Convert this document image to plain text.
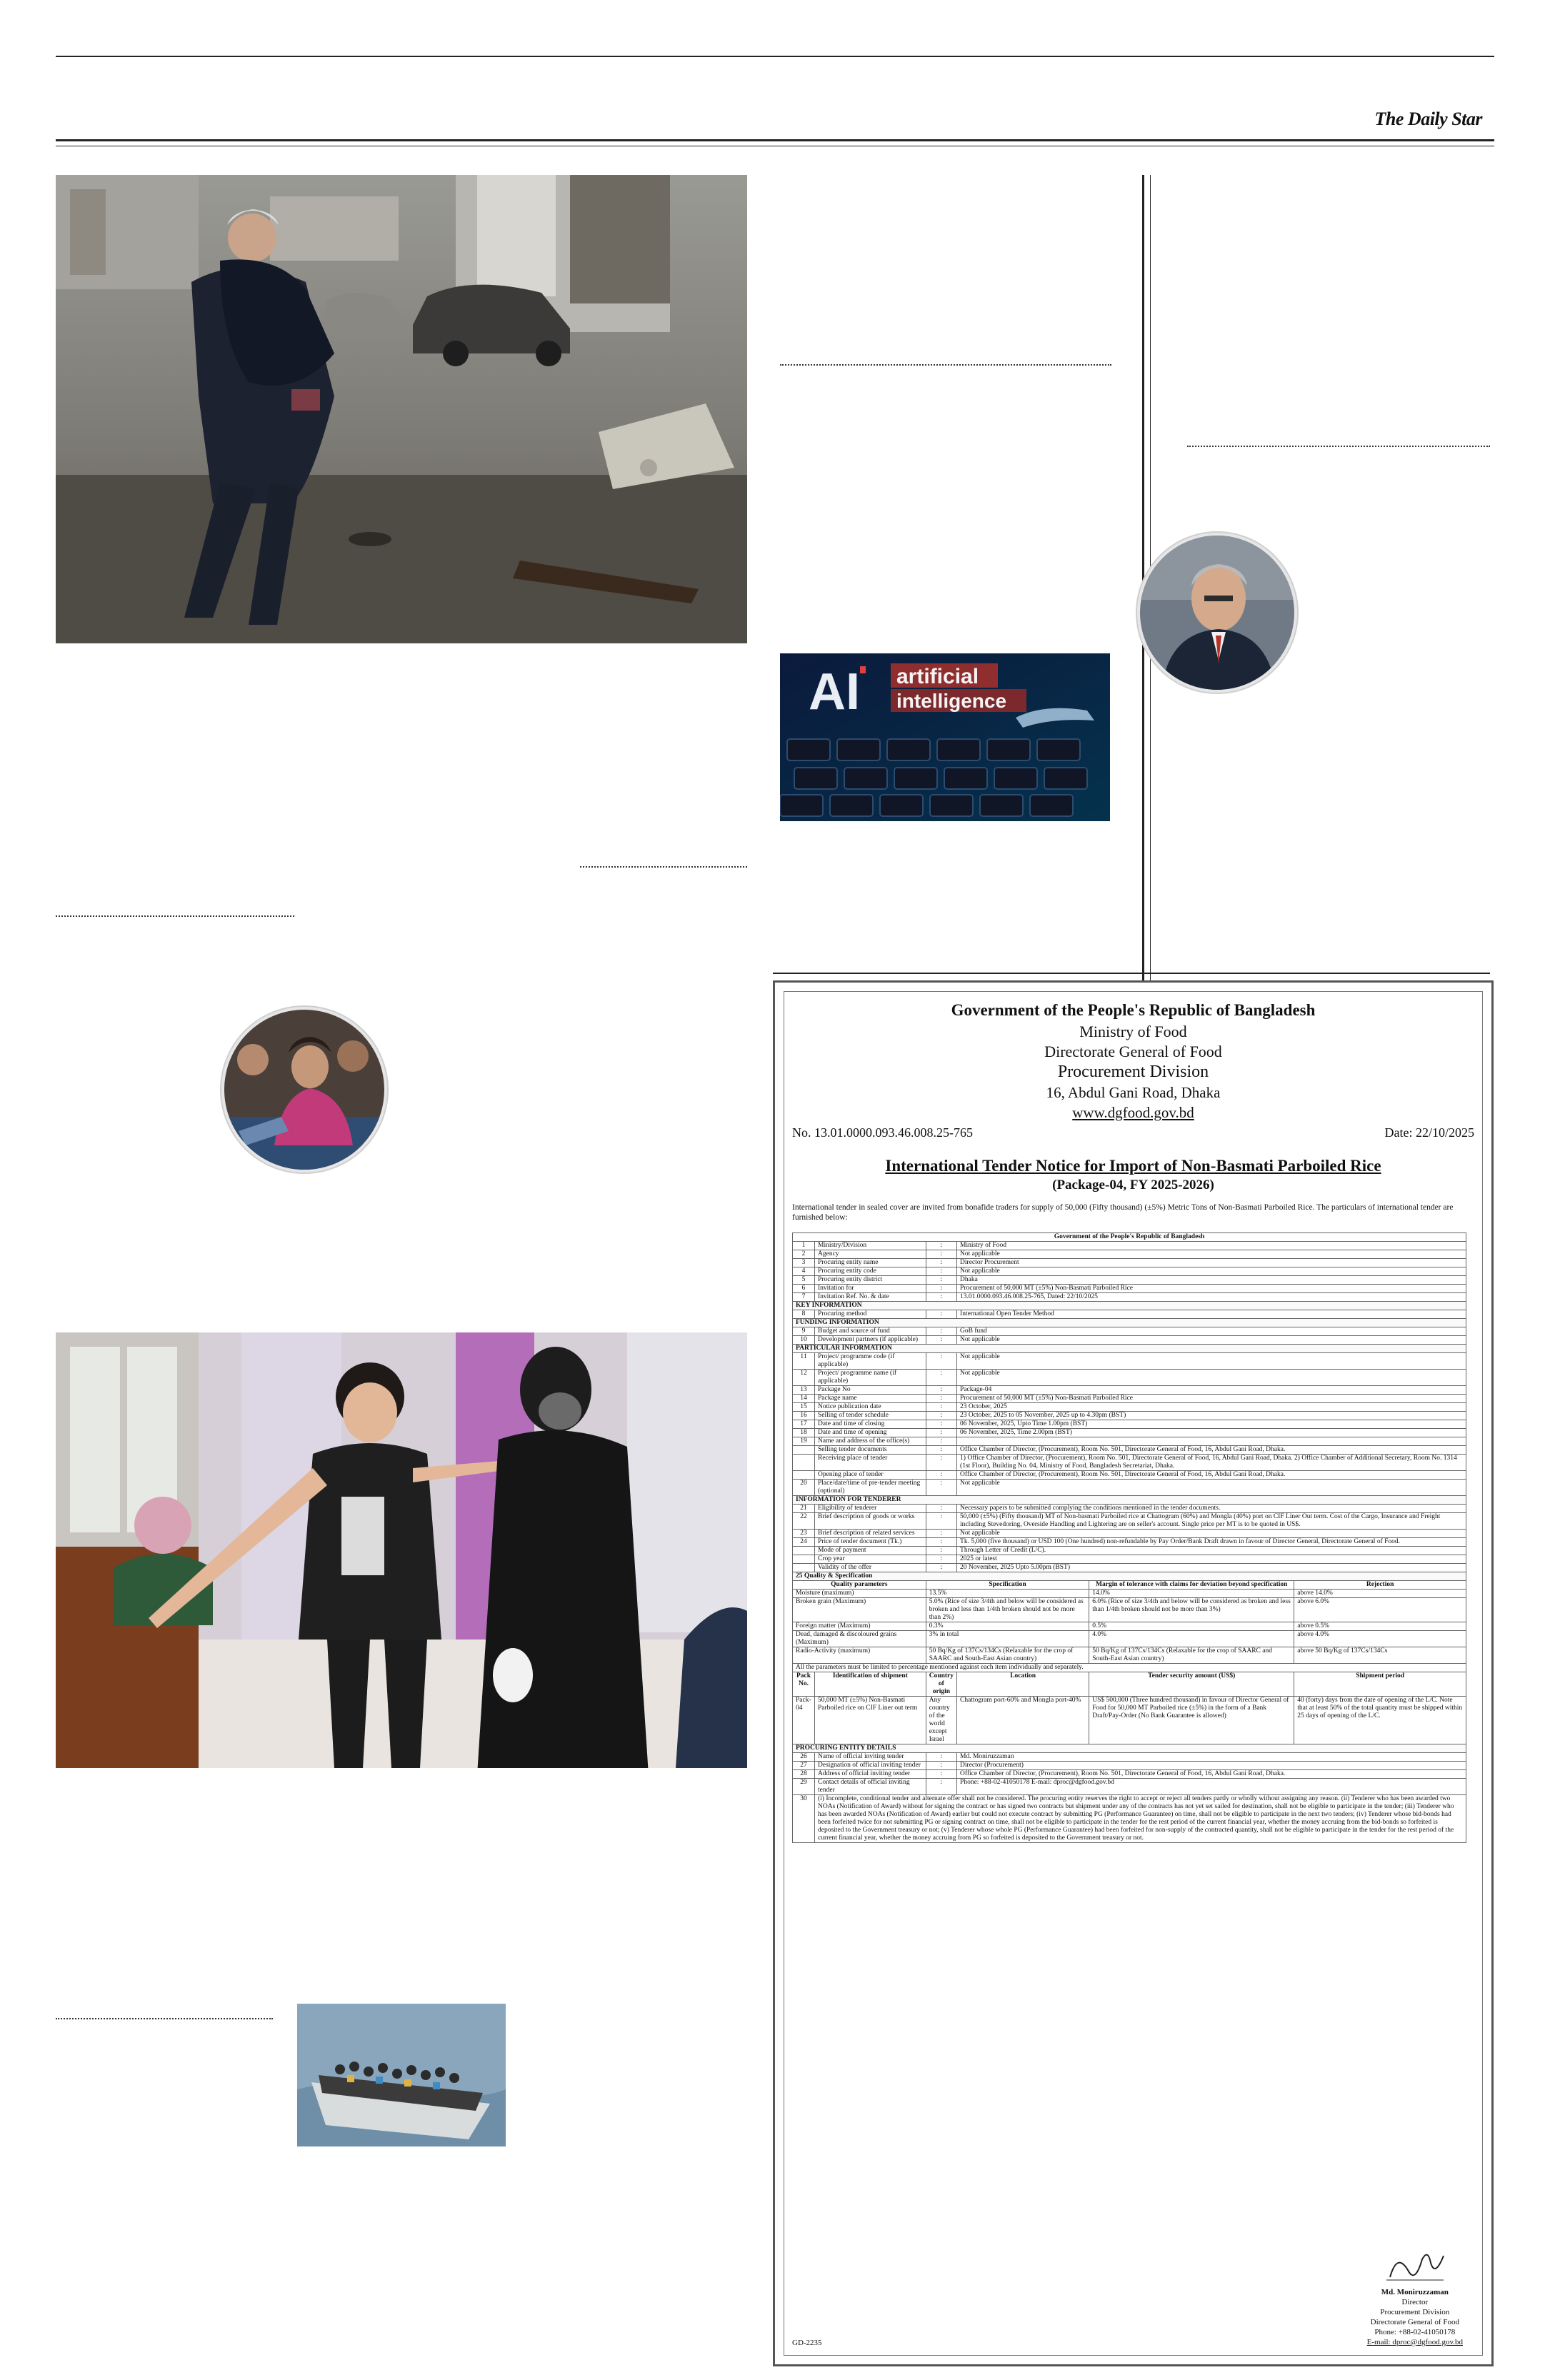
The Daily Star
AI artificial
intelligence
Government of the People's Republic of Bangladesh
Ministry of Food
Directorate General of Food
Procurement Division
16, Abdul Gani Road, Dhaka
www.dgfood.gov.bd
No. 13.01.0000.093.46.008.25-765	Date: 22/10/2025
International Tender Notice for Import of Non-Basmati Parboiled Rice
(Package-04, FY 2025-2026)
International tender in sealed cover are invited from bonafide traders for supply of 50,000 (Fifty thousand) (±5%) Metric Tons of Non-Basmati Parboiled Rice. The particulars of international tender are furnished below:
Government of the People's Republic of Bangladesh					
1	Ministry/Division	:	Ministry of Food		
2	Agency	:	Not applicable		
3	Procuring entity name	:	Director Procurement		
4	Procuring entity code	:	Not applicable		
5	Procuring entity district	:	Dhaka		
6	Invitation for	:	Procurement of 50,000 MT (±5%) Non-Basmati Parboiled Rice		
7	Invitation Ref. No. & date	:	13.01.0000.093.46.008.25-765, Dated: 22/10/2025		
KEY INFORMATION					
8	Procuring method	:	International Open Tender Method		
FUNDING INFORMATION					
9	Budget and source of fund	:	GoB fund		
10	Development partners (if applicable)	:	Not applicable		
PARTICULAR INFORMATION					
11	Project/ programme code (if applicable)	:	Not applicable		
12	Project/ programme name (if applicable)	:	Not applicable		
13	Package No	:	Package-04		
14	Package name	:	Procurement of 50,000 MT (±5%) Non-Basmati Parboiled Rice		
15	Notice publication date	:	23 October, 2025		
16	Selling of tender schedule	:	23 October, 2025 to 05 November, 2025 up to 4.30pm (BST)		
17	Date and time of closing	:	06 November, 2025, Upto Time 1.00pm (BST)		
18	Date and time of opening	:	06 November, 2025, Time 2.00pm (BST)		
19	Name and address of the office(s)	:			
	Selling tender documents	:	Office Chamber of Director, (Procurement), Room No. 501, Directorate General of Food, 16, Abdul Gani Road, Dhaka.		
	Receiving place of tender	:	1) Office Chamber of Director, (Procurement), Room No. 501, Directorate General of Food, 16, Abdul Gani Road, Dhaka. 2) Office Chamber of Additional Secretary, Room No. 1314 (1st Floor), Building No. 04, Ministry of Food, Bangladesh Secretariat, Dhaka.		
	Opening place of tender	:	Office Chamber of Director, (Procurement), Room No. 501, Directorate General of Food, 16, Abdul Gani Road, Dhaka.		
20	Place/date/time of pre-tender meeting (optional)	:	Not applicable		
INFORMATION FOR TENDERER					
21	Eligibility of tenderer	:	Necessary papers to be submitted complying the conditions mentioned in the tender documents.		
22	Brief description of goods or works	:	50,000 (±5%) (Fifty thousand) MT of Non-basmati Parboiled rice at Chattogram (60%) and Mongla (40%) port on CIF Liner Out term. Cost of the Cargo, Insurance and Freight including Stevedoring, Overside Handling and Lightering are on seller's account. Single price per MT is to be quoted in US$.		
23	Brief description of related services	:	Not applicable		
24	Price of tender document (Tk.)	:	Tk. 5,000 (five thousand) or USD 100 (One hundred) non-refundable by Pay Order/Bank Draft drawn in favour of Director General, Directorate General of Food.		
	Mode of payment	:	Through Letter of Credit (L/C).		
	Crop year	:	2025 or latest		
	Validity of the offer	:	20 November, 2025 Upto 5.00pm (BST)		
25 Quality & Specification					
Quality parameters		Specification		Margin of tolerance with claims for deviation beyond specification	Rejection
Moisture (maximum)		13.5%		14.0%	above 14.0%
Broken grain (Maximum)		5.0% (Rice of size 3/4th and below will be considered as broken and less than 1/4th broken should not be more than 2%)		6.0% (Rice of size 3/4th and below will be considered as broken and less than 1/4th broken should not be more than 3%)	above 6.0%
Foreign matter (Maximum)		0.3%		0.5%	above 0.5%
Dead, damaged & discoloured grains (Maximum)		3% in total		4.0%	above 4.0%
Radio-Activity (maximum)		50 Bq/Kg of 137Cs/134Cs (Relaxable for the crop of SAARC and South-East Asian country)		50 Bq/Kg of 137Cs/134Cs (Relaxable for the crop of SAARC and South-East Asian country)	above 50 Bq/Kg of 137Cs/134Cs
All the parameters must be limited to percentage mentioned against each item individually and separately.					
Pack No.	Identification of shipment	Country of origin	Location	Tender security amount (US$)	Shipment period
Pack-04	50,000 MT (±5%) Non-Basmati Parboiled rice on CIF Liner out term	Any country of the world except Israel	Chattogram port-60% and Mongla port-40%	US$ 500,000 (Three hundred thousand) in favour of Director General of Food for 50,000 MT Parboiled rice (±5%) in the form of a Bank Draft/Pay-Order (No Bank Guarantee is allowed)	40 (forty) days from the date of opening of the L/C. Note that at least 50% of the total quantity must be shipped within 25 days of opening of the L/C.
PROCURING ENTITY DETAILS					
26	Name of official inviting tender	:	Md. Moniruzzaman		
27	Designation of official inviting tender	:	Director (Procurement)		
28	Address of official inviting tender	:	Office Chamber of Director, (Procurement), Room No. 501, Directorate General of Food, 16, Abdul Gani Road, Dhaka.		
29	Contact details of official inviting tender	:	Phone: +88-02-41050178 E-mail: dproc@dgfood.gov.bd		
30	(i) Incomplete, conditional tender and alternate offer shall not be considered. The procuring entity reserves the right to accept or reject all tenders partly or wholly without assigning any reason. (ii) Tenderer who has been awarded two NOAs (Notification of Award) without for signing the contract or has signed two contracts but shipment under any of the contracts has not yet set sailed for destination, shall not be eligible to participate in the tender; (iii) Tenderer who has been awarded NOAs (Notification of Award) earlier but could not execute contract by submitting PG (Performance Guarantee) on time, shall not be eligible to participate in the next two tenders; (iv) Tenderer whose bid-bonds had been forfeited twice for not submitting PG or signing contract on time, shall not be eligible to participate in the tender for the rest period of the current financial year, whether the money accruing from the bid-bonds so forfeited is deposited to the Government treasury or not; (v) Tenderer whose whole PG (Performance Guarantee) had been forfeited for non-supply of the contracted quantity, shall not be eligible to participate in the tender for the rest period of the current financial year, whether the money accruing from PG so forfeited is deposited to the Government treasury or not.				
Md. Moniruzzaman
Director
Procurement Division
Directorate General of Food
Phone: +88-02-41050178
E-mail: dproc@dgfood.gov.bd
GD-2235
